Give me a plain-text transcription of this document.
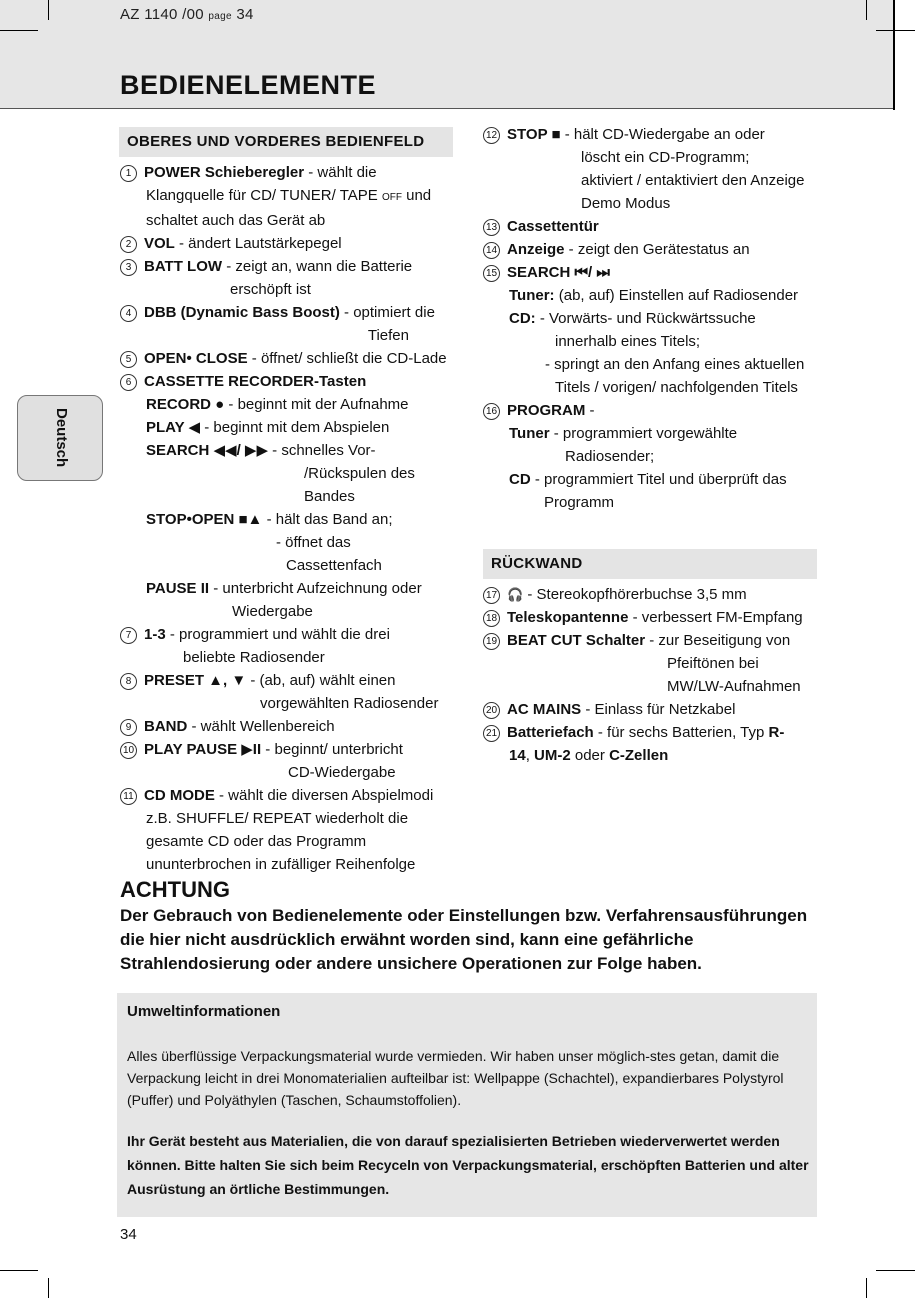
AZ 1140 /00 page 34
BEDIENELEMENTE
Deutsch
OBERES UND VORDERES BEDIENFELD
1 POWER Schieberegler - wählt die
Klangquelle für CD/ TUNER/ TAPE OFF und
schaltet auch das Gerät ab
2 VOL - ändert Lautstärkepegel
3 BATT LOW - zeigt an, wann die Batterie
erschöpft ist
4 DBB (Dynamic Bass Boost) - optimiert die
Tiefen
5 OPEN• CLOSE - öffnet/ schließt die CD-Lade
6 CASSETTE RECORDER-Tasten
RECORD ● - beginnt mit der Aufnahme
PLAY ◀ - beginnt mit dem Abspielen
SEARCH ◀◀/ ▶▶ - schnelles Vor-
/Rückspulen des Bandes
STOP•OPEN ■▲ - hält das Band an;
- öffnet das
Cassettenfach
PAUSE II - unterbricht Aufzeichnung oder
Wiedergabe
7 1-3 - programmiert und wählt die drei
beliebte Radiosender
8 PRESET ▲, ▼ - (ab, auf) wählt einen
vorgewählten Radiosender
9 BAND - wählt Wellenbereich
10 PLAY PAUSE ▶II - beginnt/ unterbricht
CD-Wiedergabe
11 CD MODE - wählt die diversen Abspielmodi
z.B. SHUFFLE/ REPEAT wiederholt die
gesamte CD oder das Programm
ununterbrochen in zufälliger Reihenfolge
12 STOP ■ - hält CD-Wiedergabe an oder
löscht ein CD-Programm;
aktiviert / entaktiviert den Anzeige
Demo Modus
13 Cassettentür
14 Anzeige - zeigt den Gerätestatus an
15 SEARCH ⏮/ ⏭
Tuner: (ab, auf) Einstellen auf Radiosender
CD: - Vorwärts- und Rückwärtssuche
innerhalb eines Titels;
- springt an den Anfang eines aktuellen
Titels / vorigen/ nachfolgenden Titels
16 PROGRAM -
Tuner - programmiert vorgewählte
Radiosender;
CD - programmiert Titel und überprüft das
Programm
RÜCKWAND
17 🎧 - Stereokopfhörerbuchse 3,5 mm
18 Teleskopantenne - verbessert FM-Empfang
19 BEAT CUT Schalter - zur Beseitigung von
Pfeiftönen bei
MW/LW-Aufnahmen
20 AC MAINS - Einlass für Netzkabel
21 Batteriefach - für sechs Batterien, Typ R-
14, UM-2 oder C-Zellen
ACHTUNG
Der Gebrauch von Bedienelemente oder Einstellungen bzw. Verfahrensausführungen die hier nicht ausdrücklich erwähnt worden sind, kann eine gefährliche Strahlendosierung oder andere unsichere Operationen zur Folge haben.
Umweltinformationen
Alles überflüssige Verpackungsmaterial wurde vermieden. Wir haben unser möglich-stes getan, damit die Verpackung leicht in drei Monomaterialien aufteilbar ist: Wellpappe (Schachtel), expandierbares Polystyrol (Puffer) und Polyäthylen (Taschen, Schaumstoffolien).
Ihr Gerät besteht aus Materialien, die von darauf spezialisierten Betrieben wiederverwertet werden können. Bitte halten Sie sich beim Recyceln von Verpackungsmaterial, erschöpften Batterien und alter Ausrüstung an örtliche Bestimmungen.
34
